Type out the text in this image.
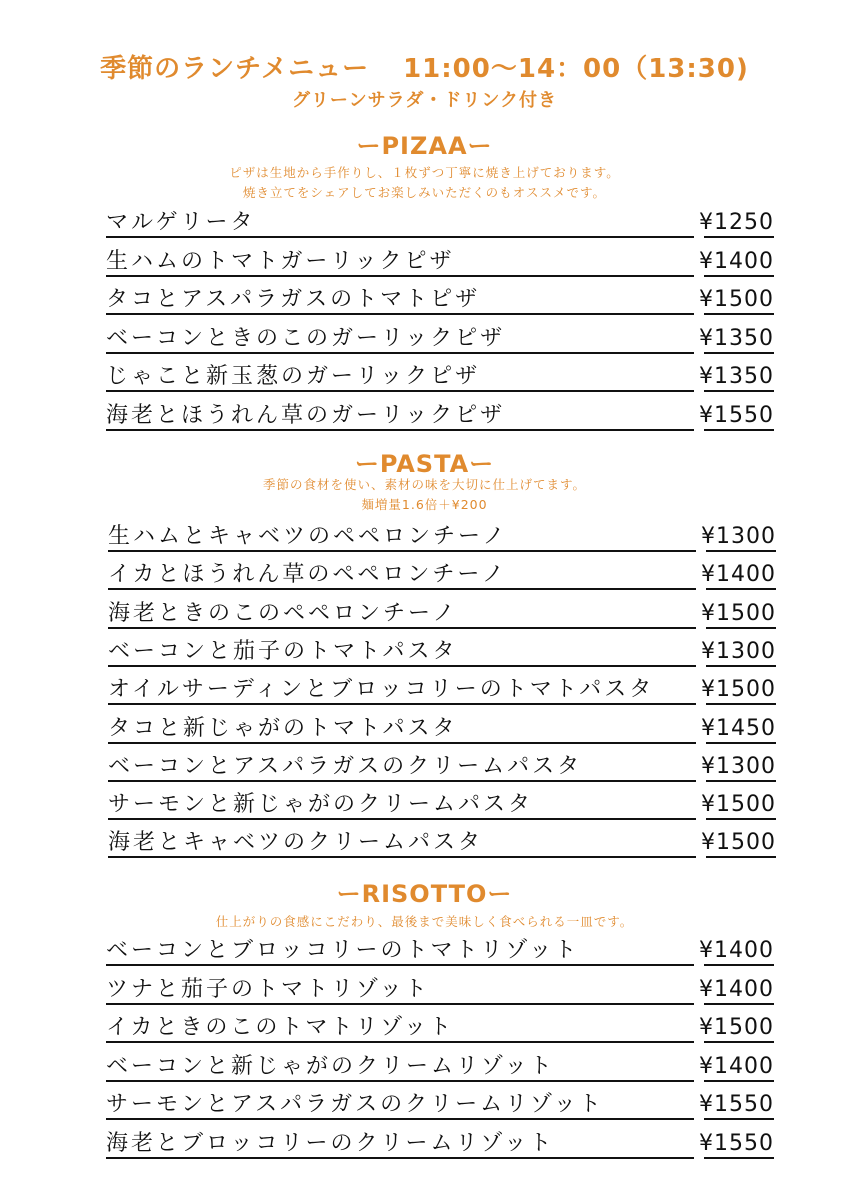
季節のランチメニュー 11:00～14：00（13:30)
グリーンサラダ・ドリンク付き
ーPIZAAー
ピザは生地から手作りし、１枚ずつ丁寧に焼き上げております。
焼き立てをシェアしてお楽しみいただくのもオススメです。
マルゲリータ	¥1250
生ハムのトマトガーリックピザ	¥1400
タコとアスパラガスのトマトピザ	¥1500
ベーコンときのこのガーリックピザ	¥1350
じゃこと新玉葱のガーリックピザ	¥1350
海老とほうれん草のガーリックピザ	¥1550
ーPASTAー
季節の食材を使い、素材の味を大切に仕上げてます。
麺増量1.6倍＋¥200
生ハムとキャベツのペペロンチーノ	¥1300
イカとほうれん草のペペロンチーノ	¥1400
海老ときのこのペペロンチーノ	¥1500
ベーコンと茄子のトマトパスタ	¥1300
オイルサーディンとブロッコリーのトマトパスタ ¥1500
タコと新じゃがのトマトパスタ	¥1450
ベーコンとアスパラガスのクリームパスタ	¥1300
サーモンと新じゃがのクリームパスタ	¥1500
海老とキャベツのクリームパスタ	¥1500
ーRISOTTOー
仕上がりの食感にこだわり、最後まで美味しく食べられる一皿です。
ベーコンとブロッコリーのトマトリゾット	¥1400
ツナと茄子のトマトリゾット	¥1400
イカときのこのトマトリゾット	¥1500
ベーコンと新じゃがのクリームリゾット	¥1400
サーモンとアスパラガスのクリームリゾット	¥1550
海老とブロッコリーのクリームリゾット	¥1550
